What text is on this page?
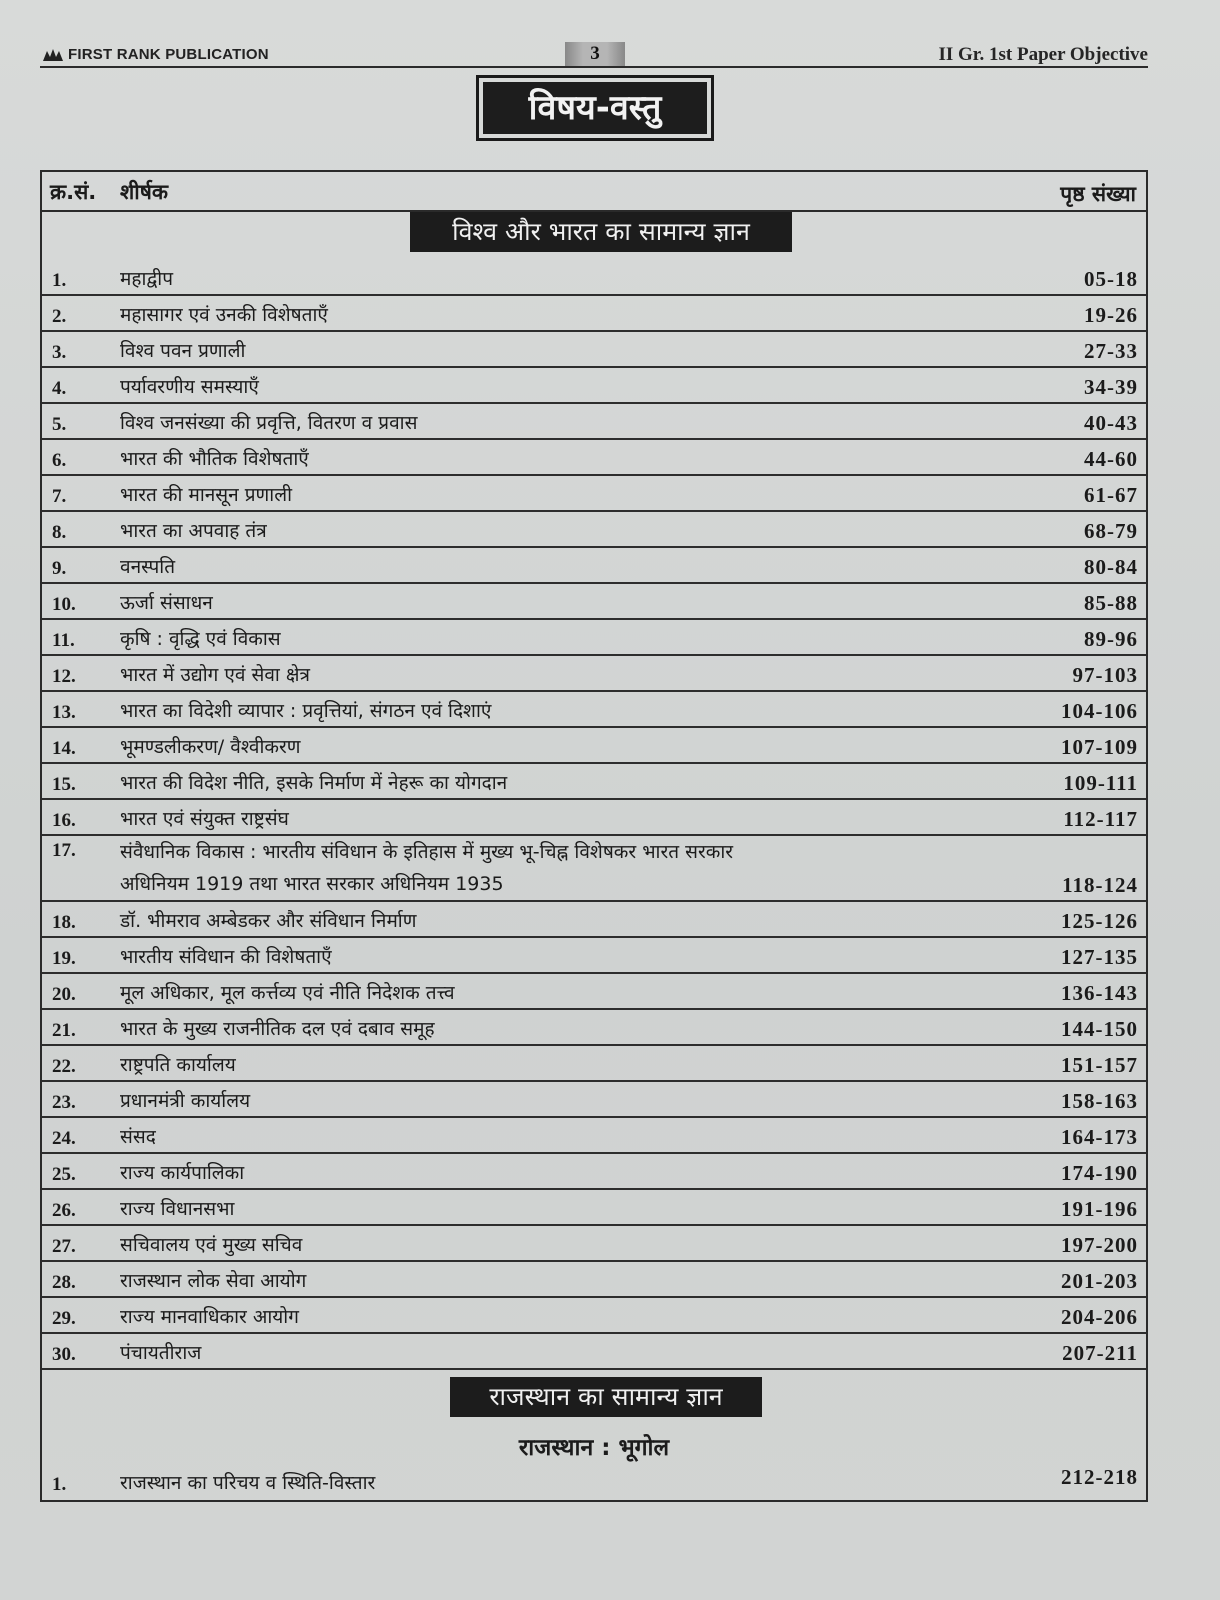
FIRST RANK PUBLICATION	3	II Gr. 1st Paper Objective
विषय-वस्तु
क्र.सं. शीर्षक	पृष्ठ संख्या
विश्व और भारत का सामान्य ज्ञान
1.	महाद्वीप	05-18
2.	महासागर एवं उनकी विशेषताएँ	19-26
3.	विश्व पवन प्रणाली	27-33
4.	पर्यावरणीय समस्याएँ	34-39
5.	विश्व जनसंख्या की प्रवृत्ति, वितरण व प्रवास	40-43
6.	भारत की भौतिक विशेषताएँ	44-60
7.	भारत की मानसून प्रणाली	61-67
8.	भारत का अपवाह तंत्र	68-79
9.	वनस्पति	80-84
10. ऊर्जा संसाधन	85-88
11. कृषि : वृद्धि एवं विकास	89-96
12. भारत में उद्योग एवं सेवा क्षेत्र	97-103
13. भारत का विदेशी व्यापार : प्रवृत्तियां, संगठन एवं दिशाएं	104-106
14. भूमण्डलीकरण/ वैश्वीकरण	107-109
15. भारत की विदेश नीति, इसके निर्माण में नेहरू का योगदान	109-111
16. भारत एवं संयुक्त राष्ट्रसंघ	112-117
17. संवैधानिक विकास : भारतीय संविधान के इतिहास में मुख्य भू-चिह्न विशेषकर भारत सरकार
अधिनियम 1919 तथा भारत सरकार अधिनियम 1935	118-124
18. डॉ. भीमराव अम्बेडकर और संविधान निर्माण	125-126
19. भारतीय संविधान की विशेषताएँ	127-135
20. मूल अधिकार, मूल कर्त्तव्य एवं नीति निदेशक तत्त्व	136-143
21. भारत के मुख्य राजनीतिक दल एवं दबाव समूह	144-150
22. राष्ट्रपति कार्यालय	151-157
23. प्रधानमंत्री कार्यालय	158-163
24. संसद	164-173
25. राज्य कार्यपालिका	174-190
26. राज्य विधानसभा	191-196
27. सचिवालय एवं मुख्य सचिव	197-200
28. राजस्थान लोक सेवा आयोग	201-203
29. राज्य मानवाधिकार आयोग	204-206
30. पंचायतीराज	207-211
राजस्थान का सामान्य ज्ञान
राजस्थान : भूगोल
1.	राजस्थान का परिचय व स्थिति-विस्तार	212-218
